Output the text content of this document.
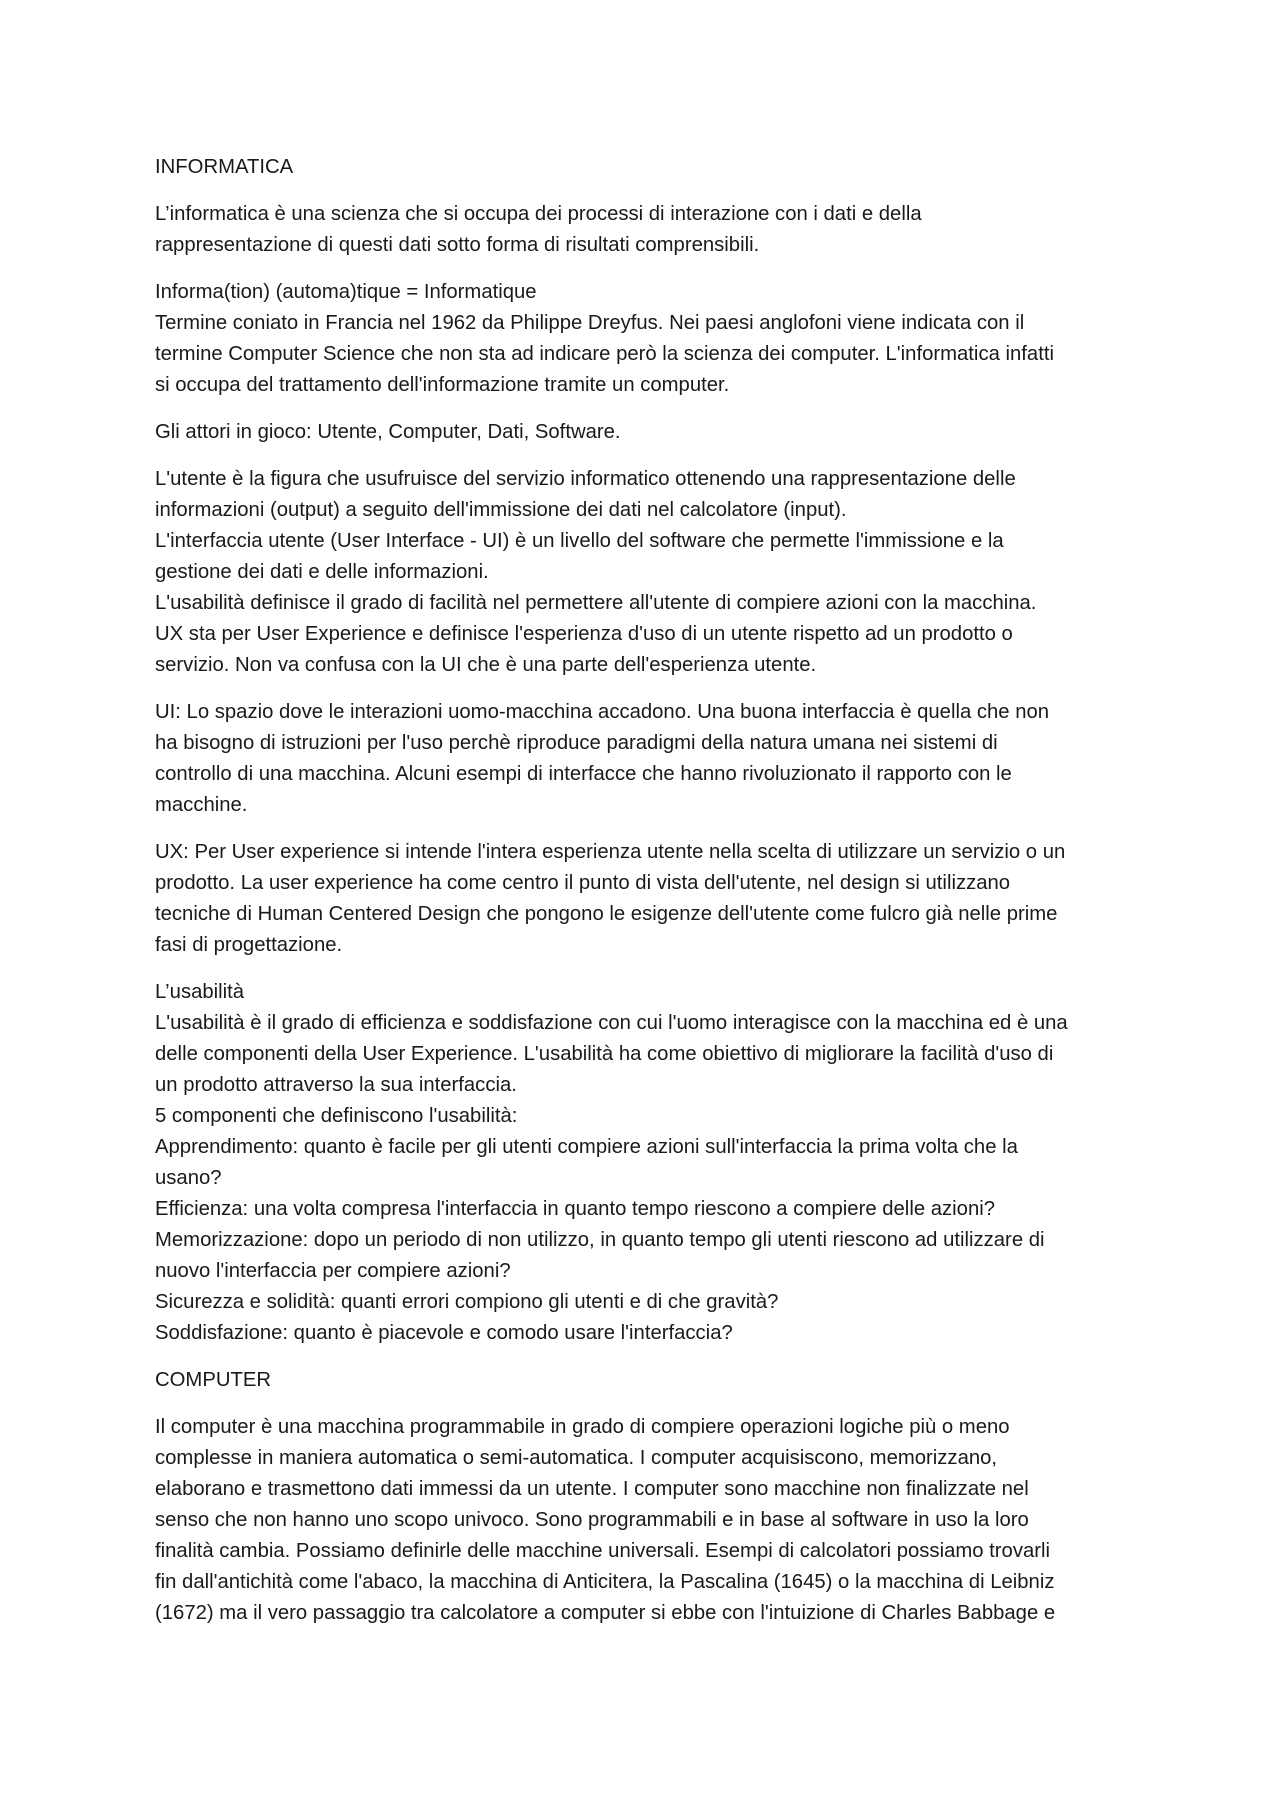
INFORMATICA

L’informatica è una scienza che si occupa dei processi di interazione con i dati e della
rappresentazione di questi dati sotto forma di risultati comprensibili.

Informa(tion) (automa)tique = Informatique
Termine coniato in Francia nel 1962 da Philippe Dreyfus. Nei paesi anglofoni viene indicata con il
termine Computer Science che non sta ad indicare però la scienza dei computer. L'informatica infatti
si occupa del trattamento dell'informazione tramite un computer.

Gli attori in gioco: Utente, Computer, Dati, Software.

L'utente è la figura che usufruisce del servizio informatico ottenendo una rappresentazione delle
informazioni (output) a seguito dell'immissione dei dati nel calcolatore (input).
L'interfaccia utente (User Interface - UI) è un livello del software che permette l'immissione e la
gestione dei dati e delle informazioni.
L'usabilità definisce il grado di facilità nel permettere all'utente di compiere azioni con la macchina.
UX sta per User Experience e definisce l'esperienza d'uso di un utente rispetto ad un prodotto o
servizio. Non va confusa con la UI che è una parte dell'esperienza utente.

UI: Lo spazio dove le interazioni uomo-macchina accadono. Una buona interfaccia è quella che non
ha bisogno di istruzioni per l'uso perchè riproduce paradigmi della natura umana nei sistemi di
controllo di una macchina. Alcuni esempi di interfacce che hanno rivoluzionato il rapporto con le
macchine.

UX: Per User experience si intende l'intera esperienza utente nella scelta di utilizzare un servizio o un
prodotto. La user experience ha come centro il punto di vista dell'utente, nel design si utilizzano
tecniche di Human Centered Design che pongono le esigenze dell'utente come fulcro già nelle prime
fasi di progettazione.

L’usabilità
L'usabilità è il grado di efficienza e soddisfazione con cui l'uomo interagisce con la macchina ed è una
delle componenti della User Experience. L'usabilità ha come obiettivo di migliorare la facilità d'uso di
un prodotto attraverso la sua interfaccia.
5 componenti che definiscono l'usabilità:
Apprendimento: quanto è facile per gli utenti compiere azioni sull'interfaccia la prima volta che la
usano?
Efficienza: una volta compresa l'interfaccia in quanto tempo riescono a compiere delle azioni?
Memorizzazione: dopo un periodo di non utilizzo, in quanto tempo gli utenti riescono ad utilizzare di
nuovo l'interfaccia per compiere azioni?
Sicurezza e solidità: quanti errori compiono gli utenti e di che gravità?
Soddisfazione: quanto è piacevole e comodo usare l'interfaccia?

COMPUTER

Il computer è una macchina programmabile in grado di compiere operazioni logiche più o meno
complesse in maniera automatica o semi-automatica. I computer acquisiscono, memorizzano,
elaborano e trasmettono dati immessi da un utente. I computer sono macchine non finalizzate nel
senso che non hanno uno scopo univoco. Sono programmabili e in base al software in uso la loro
finalità cambia. Possiamo definirle delle macchine universali. Esempi di calcolatori possiamo trovarli
fin dall'antichità come l'abaco, la macchina di Anticitera, la Pascalina (1645) o la macchina di Leibniz
(1672) ma il vero passaggio tra calcolatore a computer si ebbe con l'intuizione di Charles Babbage e
